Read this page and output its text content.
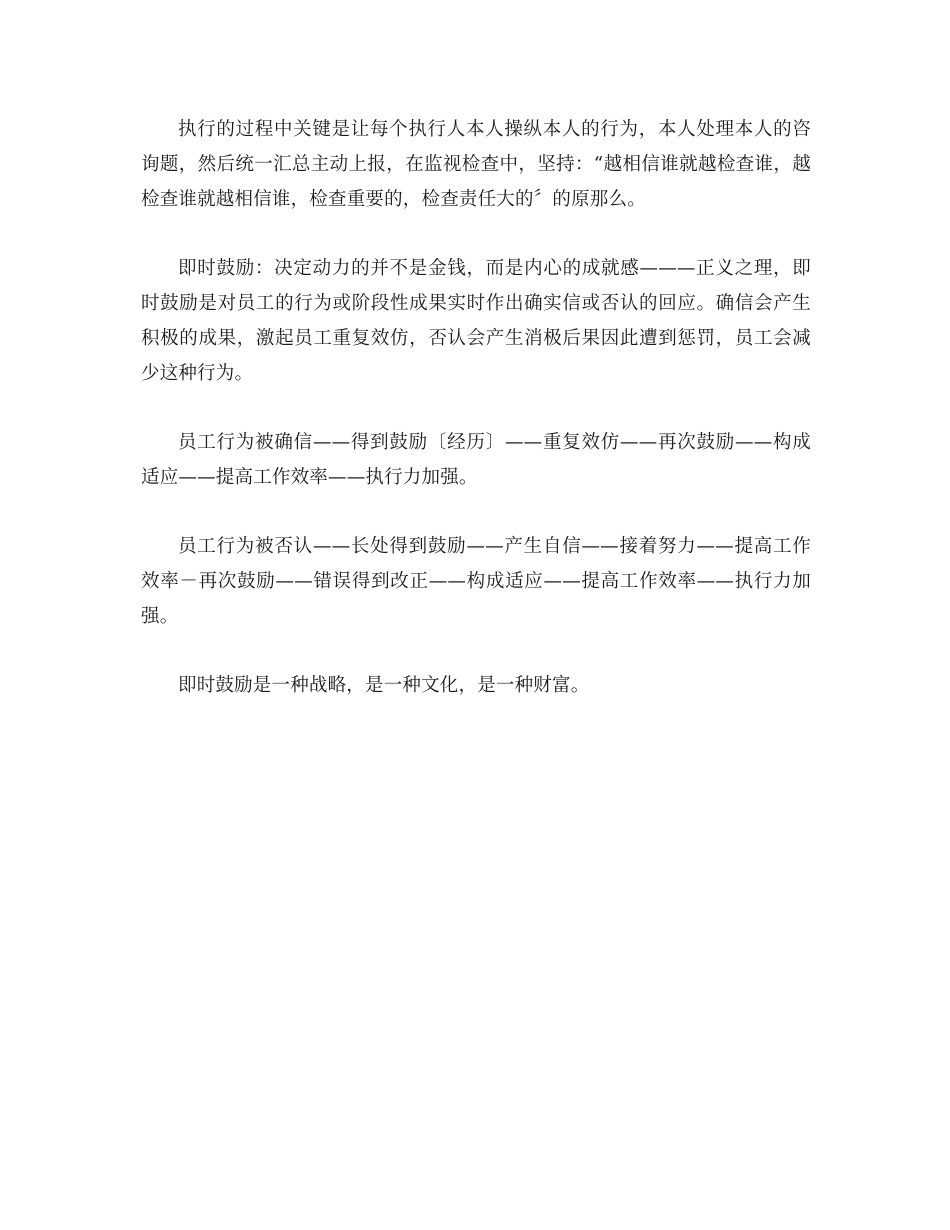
执行的过程中关键是让每个执行人本人操纵本人的行为，本人处理本人的咨询题，然后统一汇总主动上报，在监视检查中，坚持：“越相信谁就越检查谁，越检查谁就越相信谁，检查重要的，检查责任大的〞的原那么。

即时鼓励：决定动力的并不是金钱，而是内心的成就感———正义之理，即时鼓励是对员工的行为或阶段性成果实时作出确实信或否认的回应。确信会产生积极的成果，激起员工重复效仿，否认会产生消极后果因此遭到惩罚，员工会减少这种行为。

员工行为被确信——得到鼓励〔经历〕——重复效仿——再次鼓励——构成适应——提高工作效率——执行力加强。

员工行为被否认——长处得到鼓励——产生自信——接着努力——提高工作效率－再次鼓励——错误得到改正——构成适应——提高工作效率——执行力加强。

即时鼓励是一种战略，是一种文化，是一种财富。
